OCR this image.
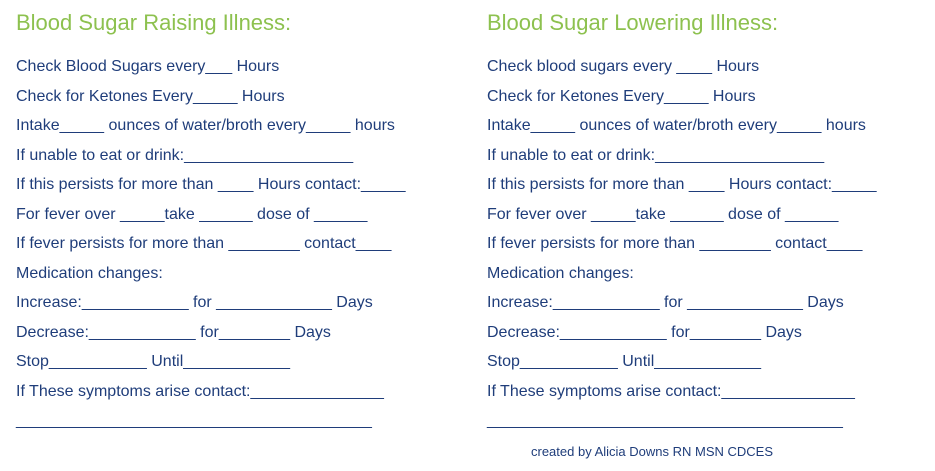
Blood Sugar Raising Illness:
Check Blood Sugars every___ Hours
Check for Ketones Every_____ Hours
Intake_____ ounces of water/broth every_____ hours
If unable to eat or drink:___________________
If this persists for more than ____ Hours contact:_____
For fever over _____take ______ dose of ______
If fever persists for more than ________ contact____
Medication changes:
Increase:____________ for _____________ Days
Decrease:____________ for________ Days
Stop___________ Until____________
If These symptoms arise contact:_______________
________________________________________
Blood Sugar Lowering Illness:
Check blood sugars every ____ Hours
Check for Ketones Every_____ Hours
Intake_____ ounces of water/broth every_____ hours
If unable to eat or drink:___________________
If this persists for more than ____ Hours contact:_____
For fever over _____take ______ dose of ______
If fever persists for more than ________ contact____
Medication changes:
Increase:____________ for _____________ Days
Decrease:____________ for________ Days
Stop___________ Until____________
If These symptoms arise contact:_______________
________________________________________
created by Alicia Downs RN MSN CDCES
